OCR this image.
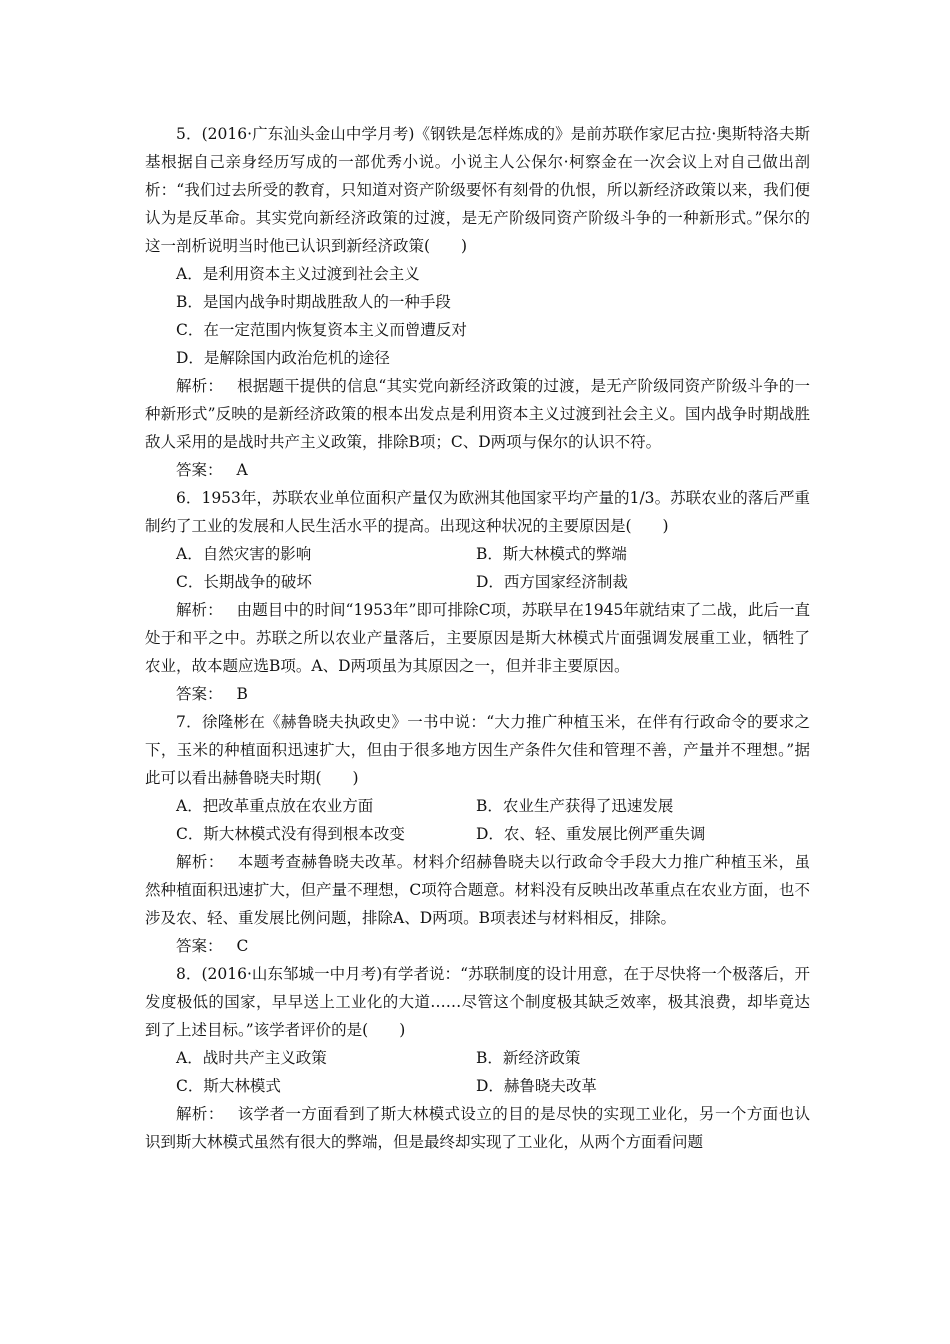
5．(2016·广东汕头金山中学月考)《钢铁是怎样炼成的》是前苏联作家尼古拉·奥斯特洛夫斯基根据自己亲身经历写成的一部优秀小说。小说主人公保尔·柯察金在一次会议上对自己做出剖析：“我们过去所受的教育，只知道对资产阶级要怀有刻骨的仇恨，所以新经济政策以来，我们便认为是反革命。其实党向新经济政策的过渡，是无产阶级同资产阶级斗争的一种新形式。”保尔的这一剖析说明当时他已认识到新经济政策(　　)

A．是利用资本主义过渡到社会主义

B．是国内战争时期战胜敌人的一种手段

C．在一定范围内恢复资本主义而曾遭反对

D．是解除国内政治危机的途径

解析： 根据题干提供的信息“其实党向新经济政策的过渡，是无产阶级同资产阶级斗争的一种新形式”反映的是新经济政策的根本出发点是利用资本主义过渡到社会主义。国内战争时期战胜敌人采用的是战时共产主义政策，排除B项；C、D两项与保尔的认识不符。

答案： A

6．1953年，苏联农业单位面积产量仅为欧洲其他国家平均产量的1/3。苏联农业的落后严重制约了工业的发展和人民生活水平的提高。出现这种状况的主要原因是(　　)

A．自然灾害的影响	B．斯大林模式的弊端
C．长期战争的破坏	D．西方国家经济制裁

解析： 由题目中的时间“1953年”即可排除C项，苏联早在1945年就结束了二战，此后一直处于和平之中。苏联之所以农业产量落后，主要原因是斯大林模式片面强调发展重工业，牺牲了农业，故本题应选B项。A、D两项虽为其原因之一，但并非主要原因。

答案： B

7．徐隆彬在《赫鲁晓夫执政史》一书中说：“大力推广种植玉米，在伴有行政命令的要求之下，玉米的种植面积迅速扩大，但由于很多地方因生产条件欠佳和管理不善，产量并不理想。”据此可以看出赫鲁晓夫时期(　　)

A．把改革重点放在农业方面	B．农业生产获得了迅速发展
C．斯大林模式没有得到根本改变	D．农、轻、重发展比例严重失调

解析： 本题考查赫鲁晓夫改革。材料介绍赫鲁晓夫以行政命令手段大力推广种植玉米，虽然种植面积迅速扩大，但产量不理想，C项符合题意。材料没有反映出改革重点在农业方面，也不涉及农、轻、重发展比例问题，排除A、D两项。B项表述与材料相反，排除。

答案： C

8．(2016·山东邹城一中月考)有学者说：“苏联制度的设计用意，在于尽快将一个极落后，开发度极低的国家，早早送上工业化的大道……尽管这个制度极其缺乏效率，极其浪费，却毕竟达到了上述目标。”该学者评价的是(　　)

A．战时共产主义政策	B．新经济政策
C．斯大林模式	D．赫鲁晓夫改革

解析： 该学者一方面看到了斯大林模式设立的目的是尽快的实现工业化，另一个方面也认识到斯大林模式虽然有很大的弊端，但是最终却实现了工业化，从两个方面看问题
